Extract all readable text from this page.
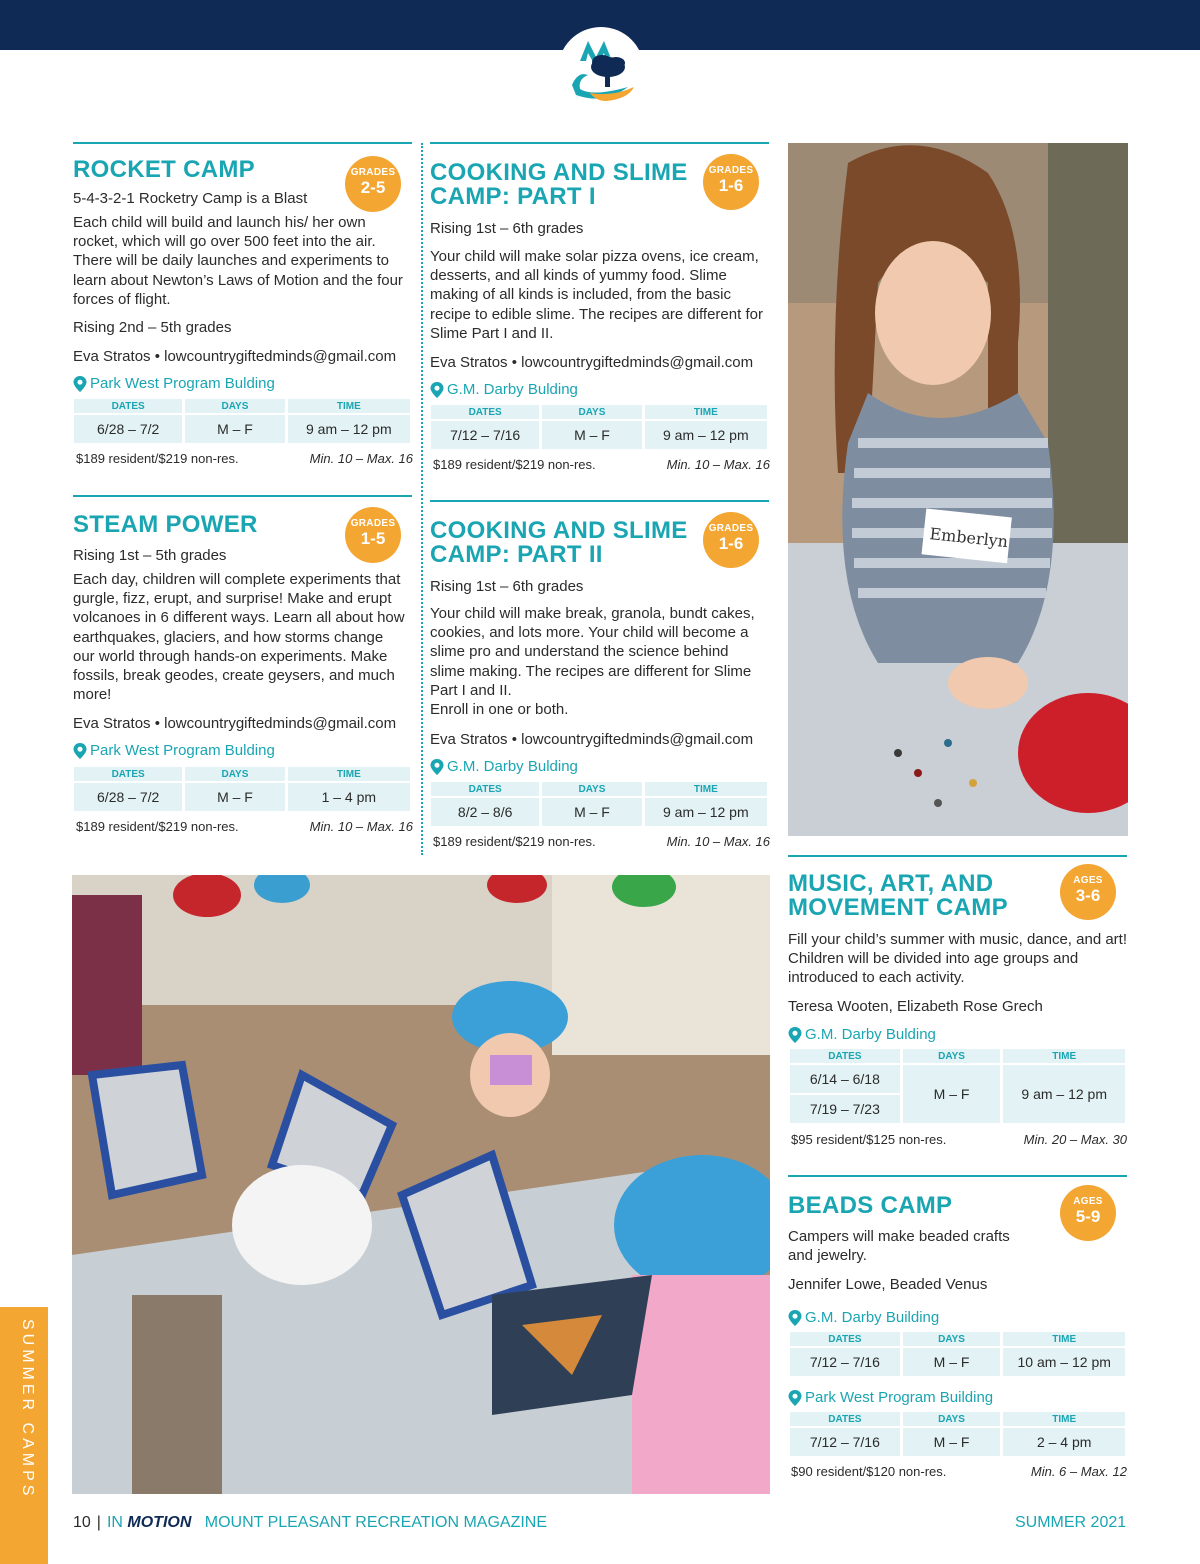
SUMMER CAMPS
ROCKET CAMP	GRADES
2-5
5-4-3-2-1 Rocketry Camp is a Blast
Each child will build and launch his/ her own rocket, which will go over 500 feet into the air. There will be daily launches and experiments to learn about Newton’s Laws of Motion and the four forces of flight.
Rising 2nd – 5th grades
Eva Stratos • lowcountrygiftedminds@gmail.com
Park West Program Bulding
DATES	DAYS	TIME
6/28 – 7/2	M – F	9 am – 12 pm
$189 resident/$219 non-res.	Min. 10 – Max. 16
STEAM POWER	GRADES
1-5
Rising 1st – 5th grades
Each day, children will complete experiments that gurgle, fizz, erupt, and surprise! Make and erupt volcanoes in 6 different ways. Learn all about how earthquakes, glaciers, and how storms change our world through hands-on experiments. Make fossils, break geodes, create geysers, and much more!
Eva Stratos • lowcountrygiftedminds@gmail.com
Park West Program Bulding
DATES	DAYS	TIME
6/28 – 7/2	M – F	1 – 4 pm
$189 resident/$219 non-res.	Min. 10 – Max. 16
COOKING AND SLIME
CAMP: PART I
GRADES
1-6
Rising 1st – 6th grades
Your child will make solar pizza ovens, ice cream, desserts, and all kinds of yummy food. Slime making of all kinds is included, from the basic recipe to edible slime. The recipes are different for Slime Part I and II.
Eva Stratos • lowcountrygiftedminds@gmail.com
G.M. Darby Bulding
DATES	DAYS	TIME
7/12 – 7/16	M – F	9 am – 12 pm
$189 resident/$219 non-res.	Min. 10 – Max. 16
COOKING AND SLIME
CAMP: PART II
GRADES
1-6
Rising 1st – 6th grades
Your child will make break, granola, bundt cakes, cookies, and lots more. Your child will become a slime pro and understand the science behind slime making. The recipes are different for Slime Part I and II.
Enroll in one or both.
Eva Stratos • lowcountrygiftedminds@gmail.com
G.M. Darby Bulding
DATES	DAYS	TIME
8/2 – 8/6	M – F	9 am – 12 pm
$189 resident/$219 non-res.	Min. 10 – Max. 16
Emberlyn
MUSIC, ART, AND
MOVEMENT CAMP
AGES
3-6
Fill your child’s summer with music, dance, and art! Children will be divided into age groups and introduced to each activity.
Teresa Wooten, Elizabeth Rose Grech
G.M. Darby Bulding
DATES	DAYS	TIME
6/14 – 6/18	M – F	9 am – 12 pm
7/19 – 7/23		
$95 resident/$125 non-res.	Min. 20 – Max. 30
BEADS CAMP	AGES
5-9
Campers will make beaded crafts and jewelry.
Jennifer Lowe, Beaded Venus
G.M. Darby Building
DATES	DAYS	TIME
7/12 – 7/16	M – F	10 am – 12 pm
Park West Program Building
DATES	DAYS	TIME
7/12 – 7/16	M – F	2 – 4 pm
$90 resident/$120 non-res.	Min. 6 – Max. 12
10 | IN MOTION MOUNT PLEASANT RECREATION MAGAZINE	SUMMER 2021
